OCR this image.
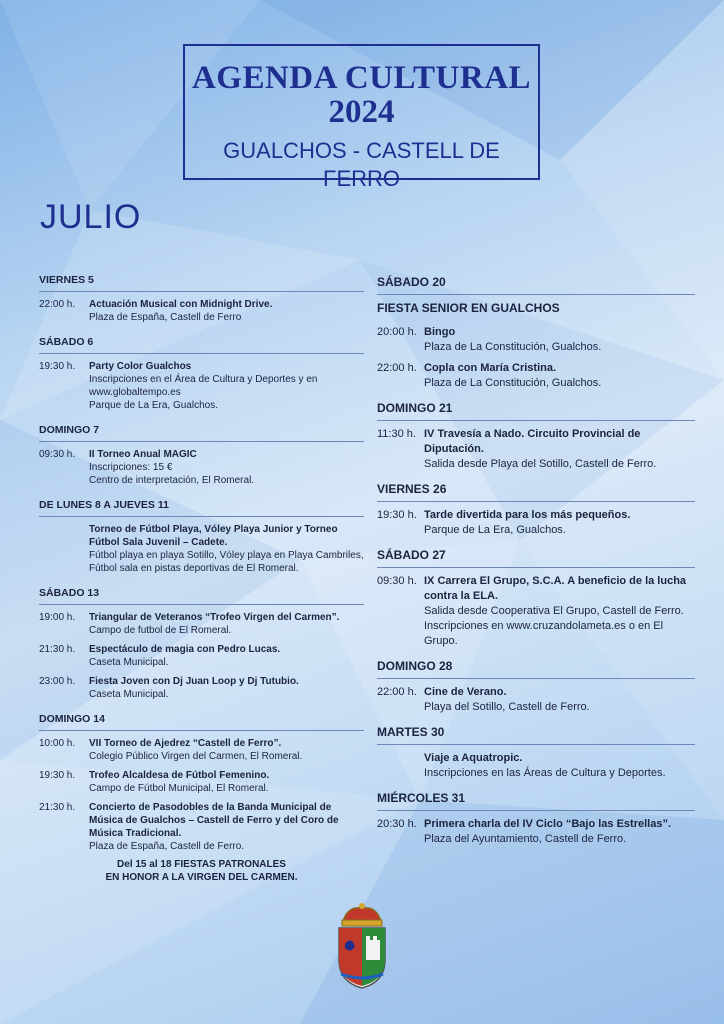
AGENDA CULTURAL
2024
GUALCHOS - CASTELL DE FERRO
JULIO
VIERNES 5
22:00 h.	Actuación Musical con Midnight Drive.
Plaza de España, Castell de Ferro
SÁBADO 6
19:30 h.	Party Color Gualchos
Inscripciones en el Área de Cultura y Deportes y en www.globaltempo.es
Parque de La Era, Gualchos.
DOMINGO 7
09:30 h.	II Torneo Anual MAGIC
Inscripciones: 15 €
Centro de interpretación, El Romeral.
DE LUNES 8 A JUEVES 11
Torneo de Fútbol Playa, Vóley Playa Junior y Torneo Fútbol Sala Juvenil – Cadete.
Fútbol playa en playa Sotillo, Vóley playa en Playa Cambriles, Fútbol sala en pistas deportivas de El Romeral.
SÁBADO 13
19:00 h.	Triangular de Veteranos “Trofeo Virgen del Carmen”.
Campo de futbol de El Romeral.
21:30 h.	Espectáculo de magia con Pedro Lucas.
Caseta Municipal.
23:00 h.	Fiesta Joven con Dj Juan Loop y Dj Tutubio.
Caseta Municipal.
DOMINGO 14
10:00 h.	VII Torneo de Ajedrez “Castell de Ferro”.
Colegio Público Virgen del Carmen, El Romeral.
19:30 h.	Trofeo Alcaldesa de Fútbol Femenino.
Campo de Fútbol Municipal, El Romeral.
21:30 h.	Concierto de Pasodobles de la Banda Municipal de Música de Gualchos – Castell de Ferro y del Coro de Música Tradicional.
Plaza de España, Castell de Ferro.
SÁBADO 20
FIESTA SENIOR EN GUALCHOS
20:00 h. Bingo
Plaza de La Constitución, Gualchos.
22:00 h. Copla con María Cristina.
Plaza de La Constitución, Gualchos.
DOMINGO 21
11:30 h. IV Travesía a Nado. Circuito Provincial de Diputación.
Salida desde Playa del Sotillo, Castell de Ferro.
VIERNES 26
19:30 h. Tarde divertida para los más pequeños.
Parque de La Era, Gualchos.
SÁBADO 27
09:30 h. IX Carrera El Grupo, S.C.A. A beneficio de la lucha contra la ELA.
Salida desde Cooperativa El Grupo, Castell de Ferro.
Inscripciones en www.cruzandolameta.es o en El Grupo.
DOMINGO 28
22:00 h. Cine de Verano.
Playa del Sotillo, Castell de Ferro.
MARTES 30
Viaje a Aquatropic.
Inscripciones en las Áreas de Cultura y Deportes.
MIÉRCOLES 31
20:30 h. Primera charla del IV Ciclo “Bajo las Estrellas”.
Plaza del Ayuntamiento, Castell de Ferro.
Del 15 al 18 FIESTAS PATRONALES
EN HONOR A LA VIRGEN DEL CARMEN.
